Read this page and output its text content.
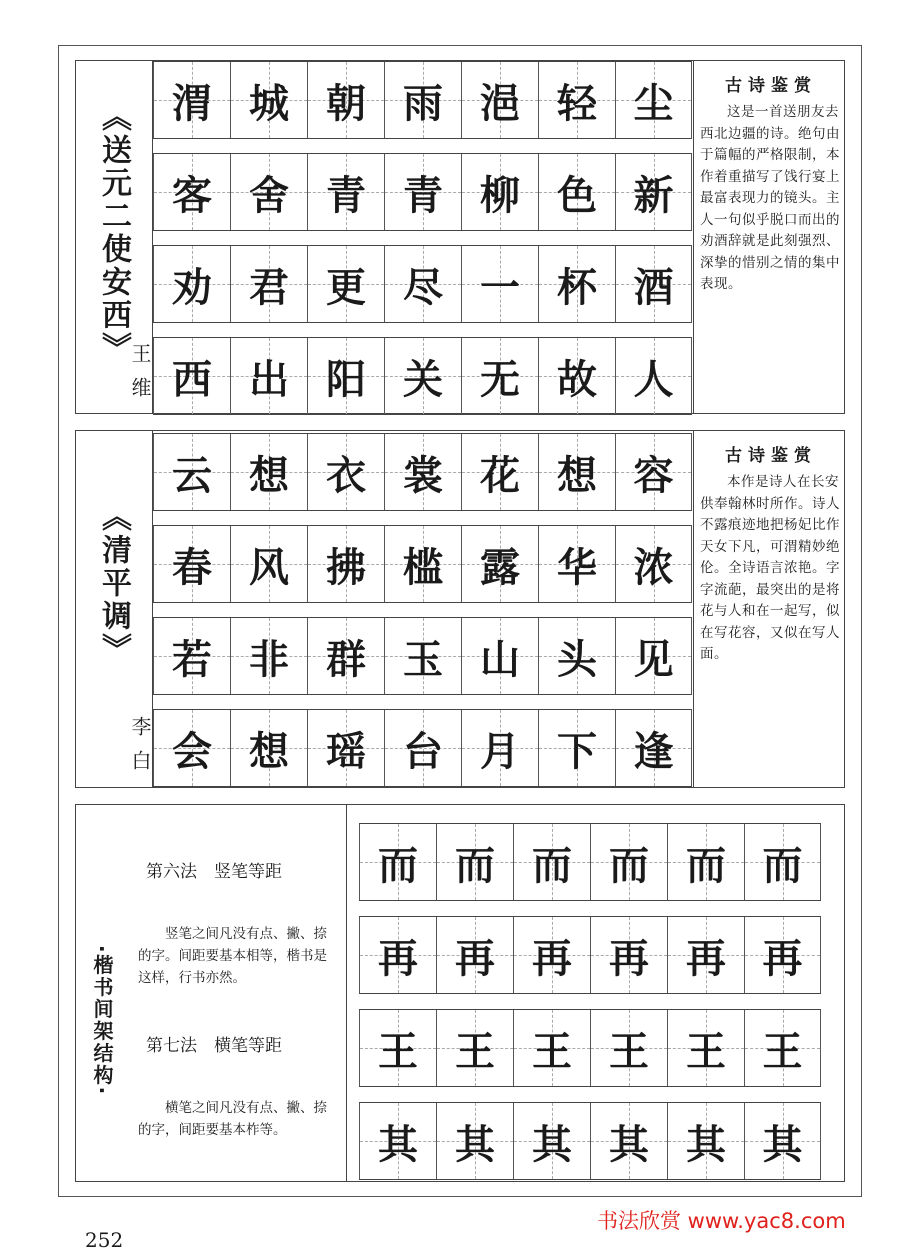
《送元二使安西》
王维
渭 城 朝 雨 浥 轻 尘
客 舍 青 青 柳 色 新
劝 君 更 尽 一 杯 酒
西 出 阳 关 无 故 人
古诗鉴赏

这是一首送朋友去西北边疆的诗。绝句由于篇幅的严格限制，本作着重描写了饯行宴上最富表现力的镜头。主人一句似乎脱口而出的劝酒辞就是此刻强烈、深挚的惜别之情的集中表现。

《清平调》
李白
云 想 衣 裳 花 想 容
春 风 拂 槛 露 华 浓
若 非 群 玉 山 头 见
会 想 瑶 台 月 下 逢
古诗鉴赏

本作是诗人在长安供奉翰林时所作。诗人不露痕迹地把杨妃比作天女下凡，可渭精妙绝伦。全诗语言浓艳。字字流葩，最突出的是将花与人和在一起写，似在写花容，又似在写人面。

·楷书间架结构·
第六法　竖笔等距
竖笔之间凡没有点、撇、捺的字。间距要基本相等，楷书是这样，行书亦然。
第七法　横笔等距
横笔之间凡没有点、撇、捺的字，间距要基本柞等。
而 而 而 而 而 而
再 再 再 再 再 再
王 王 王 王 王 王
其 其 其 其 其 其
252
书法欣赏 www.yac8.com
